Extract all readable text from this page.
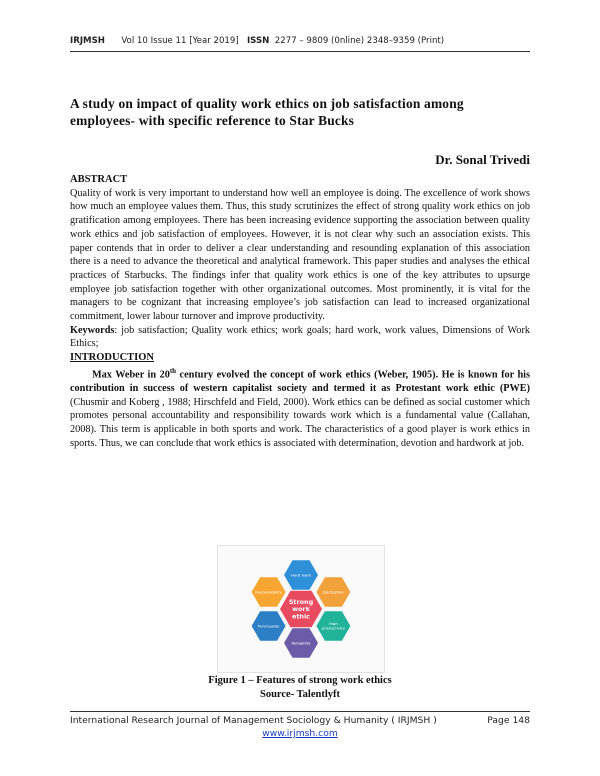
IRJMSH Vol 10 Issue 11 [Year 2019] ISSN 2277 – 9809 (0nline) 2348–9359 (Print)
A study on impact of quality work ethics on job satisfaction among employees- with specific reference to Star Bucks
Dr. Sonal Trivedi

ABSTRACT

Quality of work is very important to understand how well an employee is doing. The excellence of work shows how much an employee values them. Thus, this study scrutinizes the effect of strong quality work ethics on job gratification among employees. There has been increasing evidence supporting the association between quality work ethics and job satisfaction of employees. However, it is not clear why such an association exists. This paper contends that in order to deliver a clear understanding and resounding explanation of this association there is a need to advance the theoretical and analytical framework. This paper studies and analyses the ethical practices of Starbucks. The findings infer that quality work ethics is one of the key attributes to upsurge employee job satisfaction together with other organizational outcomes. Most prominently, it is vital for the managers to be cognizant that increasing employee’s job satisfaction can lead to increased organizational commitment, lower labour turnover and improve productivity.

Keywords: job satisfaction; Quality work ethics; work goals; hard work, work values, Dimensions of Work Ethics;

INTRODUCTION

Max Weber in 20th century evolved the concept of work ethics (Weber, 1905). He is known for his contribution in success of western capitalist society and termed it as Protestant work ethic (PWE) (Chusmir and Koberg , 1988; Hirschfeld and Field, 2000). Work ethics can be defined as social customer which promotes personal accountability and responsibility towards work which is a fundamental value (Callahan, 2008). This term is applicable in both sports and work. The characteristics of a good player is work ethics in sports. Thus, we can conclude that work ethics is associated with determination, devotion and hardwork at job.

Strong work ethic
Hard work
Dedication
High productivity
Reliability
Punctuality
Responsibility
Figure 1 – Features of strong work ethics
Source- Talentlyft
International Research Journal of Management Sociology & Humanity ( IRJMSH )	Page 148
www.irjmsh.com
